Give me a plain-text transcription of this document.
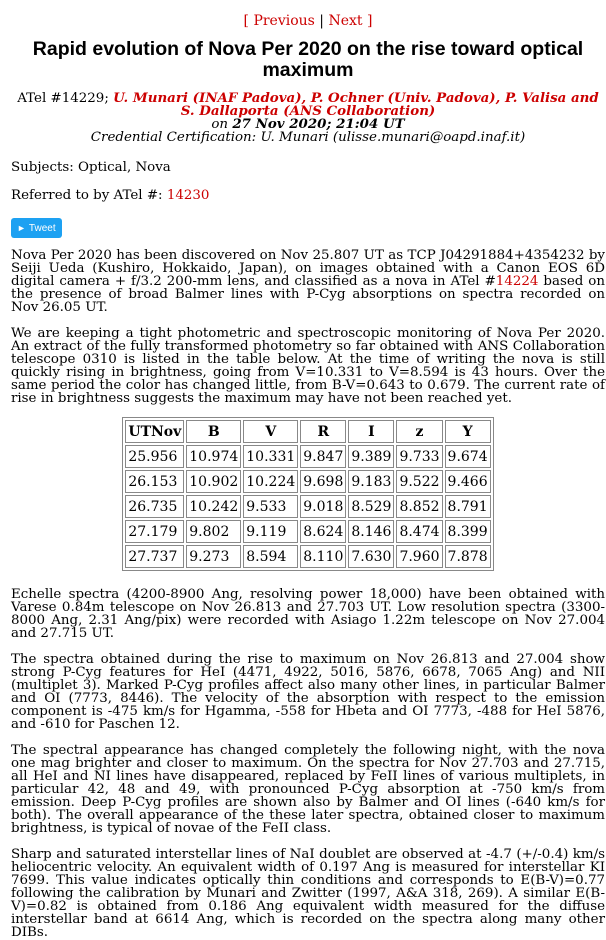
[ Previous | Next ]
Rapid evolution of Nova Per 2020 on the rise toward optical maximum
ATel #14229; U. Munari (INAF Padova), P. Ochner (Univ. Padova), P. Valisa and S. Dallaporta (ANS Collaboration)
on 27 Nov 2020; 21:04 UT
Credential Certification: U. Munari (ulisse.munari@oapd.inaf.it)

Subjects: Optical, Nova

Referred to by ATel #: 14230

► Tweet

Nova Per 2020 has been discovered on Nov 25.807 UT as TCP J04291884+4354232 by Seiji Ueda (Kushiro, Hokkaido, Japan), on images obtained with a Canon EOS 6D digital camera + f/3.2 200-mm lens, and classified as a nova in ATel #14224 based on the presence of broad Balmer lines with P-Cyg absorptions on spectra recorded on Nov 26.05 UT.

We are keeping a tight photometric and spectroscopic monitoring of Nova Per 2020. An extract of the fully transformed photometry so far obtained with ANS Collaboration telescope 0310 is listed in the table below. At the time of writing the nova is still quickly rising in brightness, going from V=10.331 to V=8.594 is 43 hours. Over the same period the color has changed little, from B-V=0.643 to 0.679. The current rate of rise in brightness suggests the maximum may have not been reached yet.

UTNov	B	V	R	I	z	Y
25.956	10.974	10.331	9.847	9.389	9.733	9.674
26.153	10.902	10.224	9.698	9.183	9.522	9.466
26.735	10.242	9.533	9.018	8.529	8.852	8.791
27.179	9.802	9.119	8.624	8.146	8.474	8.399
27.737	9.273	8.594	8.110	7.630	7.960	7.878

Echelle spectra (4200-8900 Ang, resolving power 18,000) have been obtained with Varese 0.84m telescope on Nov 26.813 and 27.703 UT. Low resolution spectra (3300-8000 Ang, 2.31 Ang/pix) were recorded with Asiago 1.22m telescope on Nov 27.004 and 27.715 UT.

The spectra obtained during the rise to maximum on Nov 26.813 and 27.004 show strong P-Cyg features for HeI (4471, 4922, 5016, 5876, 6678, 7065 Ang) and NII (multiplet 3). Marked P-Cyg profiles affect also many other lines, in particular Balmer and OI (7773, 8446). The velocity of the absorption with respect to the emission component is -475 km/s for Hgamma, -558 for Hbeta and OI 7773, -488 for HeI 5876, and -610 for Paschen 12.

The spectral appearance has changed completely the following night, with the nova one mag brighter and closer to maximum. On the spectra for Nov 27.703 and 27.715, all HeI and NI lines have disappeared, replaced by FeII lines of various multiplets, in particular 42, 48 and 49, with pronounced P-Cyg absorption at -750 km/s from emission. Deep P-Cyg profiles are shown also by Balmer and OI lines (-640 km/s for both). The overall appearance of the these later spectra, obtained closer to maximum brightness, is typical of novae of the FeII class.

Sharp and saturated interstellar lines of NaI doublet are observed at -4.7 (+/-0.4) km/s heliocentric velocity. An equivalent width of 0.197 Ang is measured for interstellar KI 7699. This value indicates optically thin conditions and corresponds to E(B-V)=0.77 following the calibration by Munari and Zwitter (1997, A&A 318, 269). A similar E(B-V)=0.82 is obtained from 0.186 Ang equivalent width measured for the diffuse interstellar band at 6614 Ang, which is recorded on the spectra along many other DIBs.
